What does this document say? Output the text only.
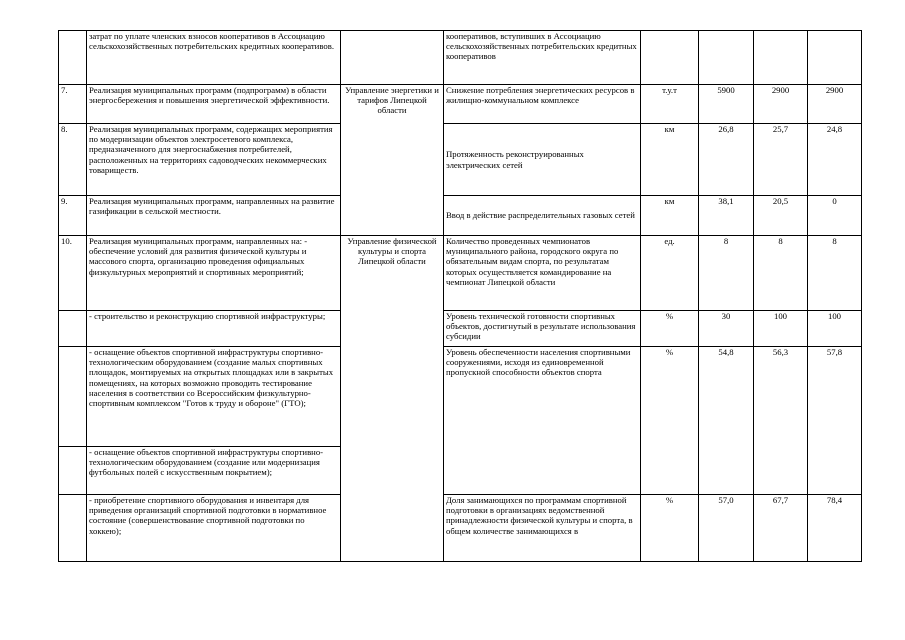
	затрат по уплате членских взносов кооперативов в Ассоциацию сельскохозяйственных потребительских кредитных кооперативов.		кооперативов, вступивших в Ассоциацию сельскохозяйственных потребительских кредитных кооперативов				
7.	Реализация муниципальных программ (подпрограмм) в области энергосбережения и повышения энергетической эффективности.	Управление энергетики и тарифов Липецкой области	Снижение потребления энергетических ресурсов в жилищно-коммунальном комплексе	т.у.т	5900	2900	2900
8.	Реализация муниципальных программ, содержащих мероприятия по модернизации объектов электросетевого комплекса, предназначенного для энергоснабжения потребителей, расположенных на территориях садоводческих некоммерческих товариществ.		Протяженность реконструированных электрических сетей	км	26,8	25,7	24,8
9.	Реализация муниципальных программ, направленных на развитие газификации в сельской местности.		Ввод в действие распределительных газовых сетей	км	38,1	20,5	0
10.	Реализация муниципальных программ, направленных на: - обеспечение условий для развития физической культуры и массового спорта, организацию проведения официальных физкультурных мероприятий и спортивных мероприятий;	Управление физической культуры и спорта Липецкой области	Количество проведенных чемпионатов муниципального района, городского округа по обязательным видам спорта, по результатам которых осуществляется командирование на чемпионат Липецкой области	ед.	8	8	8
	- строительство и реконструкцию спортивной инфраструктуры;		Уровень технической готовности спортивных объектов, достигнутый в результате использования субсидии	%	30	100	100
	- оснащение объектов спортивной инфраструктуры спортивно-технологическим оборудованием (создание малых спортивных площадок, монтируемых на открытых площадках или в закрытых помещениях, на которых возможно проводить тестирование населения в соответствии со Всероссийским физкультурно-спортивным комплексом "Готов к труду и обороне" (ГТО);		Уровень обеспеченности населения спортивными сооружениями, исходя из единовременной пропускной способности объектов спорта	%	54,8	56,3	57,8
	- оснащение объектов спортивной инфраструктуры спортивно-технологическим оборудованием (создание или модернизация футбольных полей с искусственным покрытием);						
	- приобретение спортивного оборудования и инвентаря для приведения организаций спортивной подготовки в нормативное состояние (совершенствование спортивной подготовки по хоккею);		Доля занимающихся по программам спортивной подготовки в организациях ведомственной принадлежности физической культуры и спорта, в общем количестве занимающихся в	%	57,0	67,7	78,4
